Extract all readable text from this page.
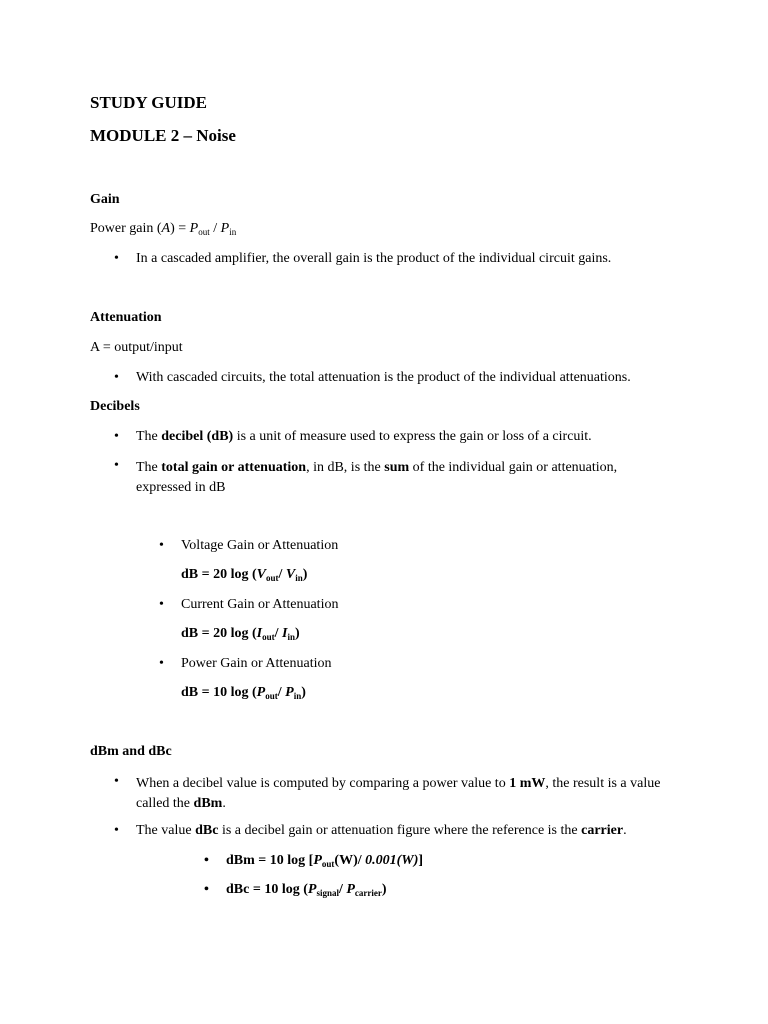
STUDY GUIDE
MODULE 2 – Noise
Gain
Power gain $(A) = P_{out} / P_{in}$
• In a cascaded amplifier, the overall gain is the product of the individual circuit gains.
Attenuation
A = output/input
• With cascaded circuits, the total attenuation is the product of the individual attenuations.
Decibels
• The decibel (dB) is a unit of measure used to express the gain or loss of a circuit.
• The total gain or attenuation, in dB, is the sum of the individual gain or attenuation, expressed in dB
• Voltage Gain or Attenuation
dB = 20 $\log (V_{out}/$ $V_{in}$)
• Current Gain or Attenuation
dB = 20 $\log (I_{out}/$ $I_{in}$)
• Power Gain or Attenuation
dB = 10 $\log (P_{out}/$ $P_{in}$)
dBm and dBc
• When a decibel value is computed by comparing a power value to 1 mW, the result is a value called the dBm.
• The value dBc is a decibel gain or attenuation figure where the reference is the carrier.
• dBm = 10 $\log [P_{out}(W)/$ 0.001(W)]
• dBc = 10 $\log (P_{signal}/$ $P_{carrier}$)
